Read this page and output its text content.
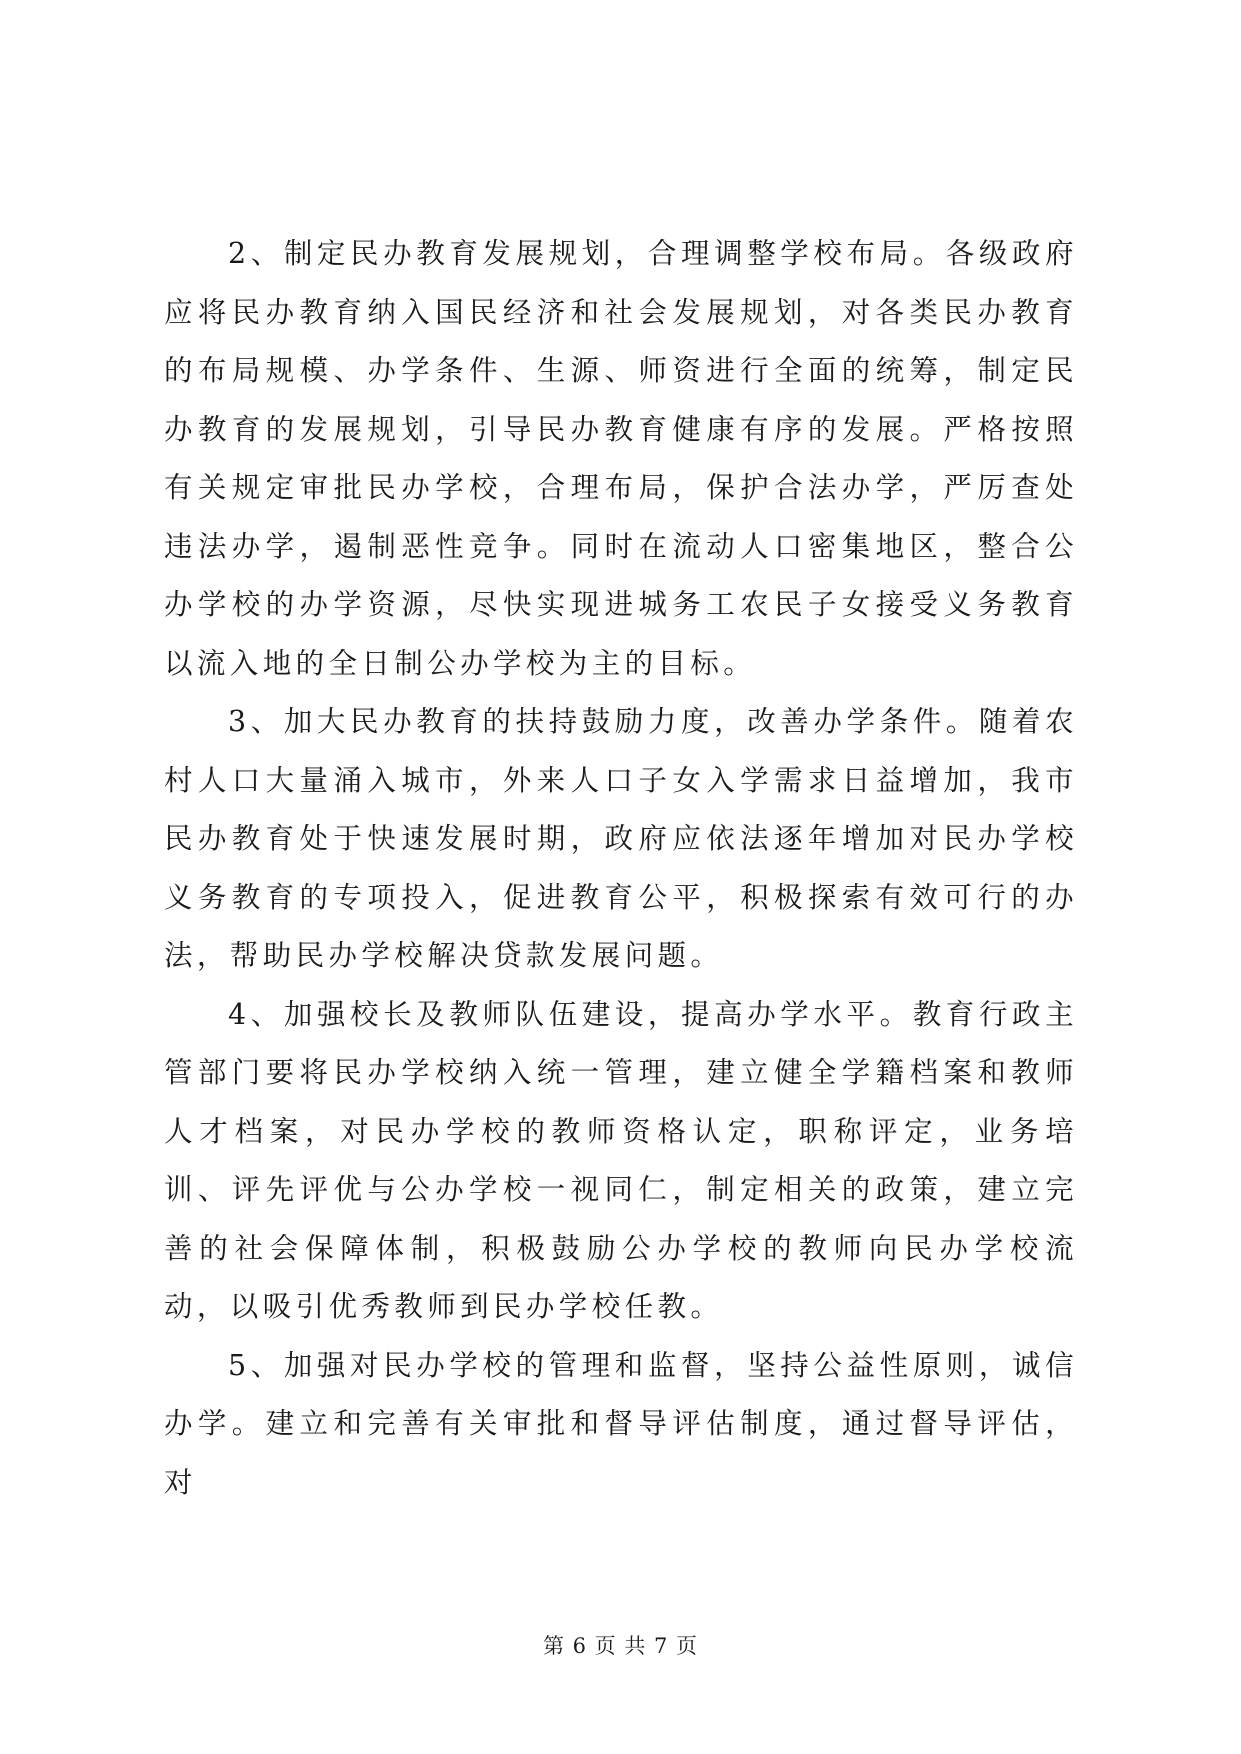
2、制定民办教育发展规划，合理调整学校布局。各级政府应将民办教育纳入国民经济和社会发展规划，对各类民办教育的布局规模、办学条件、生源、师资进行全面的统筹，制定民办教育的发展规划，引导民办教育健康有序的发展。严格按照有关规定审批民办学校，合理布局，保护合法办学，严厉查处违法办学，遏制恶性竞争。同时在流动人口密集地区，整合公办学校的办学资源，尽快实现进城务工农民子女接受义务教育以流入地的全日制公办学校为主的目标。

3、加大民办教育的扶持鼓励力度，改善办学条件。随着农村人口大量涌入城市，外来人口子女入学需求日益增加，我市民办教育处于快速发展时期，政府应依法逐年增加对民办学校义务教育的专项投入，促进教育公平，积极探索有效可行的办法，帮助民办学校解决贷款发展问题。

4、加强校长及教师队伍建设，提高办学水平。教育行政主管部门要将民办学校纳入统一管理，建立健全学籍档案和教师人才档案，对民办学校的教师资格认定，职称评定，业务培训、评先评优与公办学校一视同仁，制定相关的政策，建立完善的社会保障体制，积极鼓励公办学校的教师向民办学校流动，以吸引优秀教师到民办学校任教。

5、加强对民办学校的管理和监督，坚持公益性原则，诚信办学。建立和完善有关审批和督导评估制度，通过督导评估，对

第 6 页 共 7 页
